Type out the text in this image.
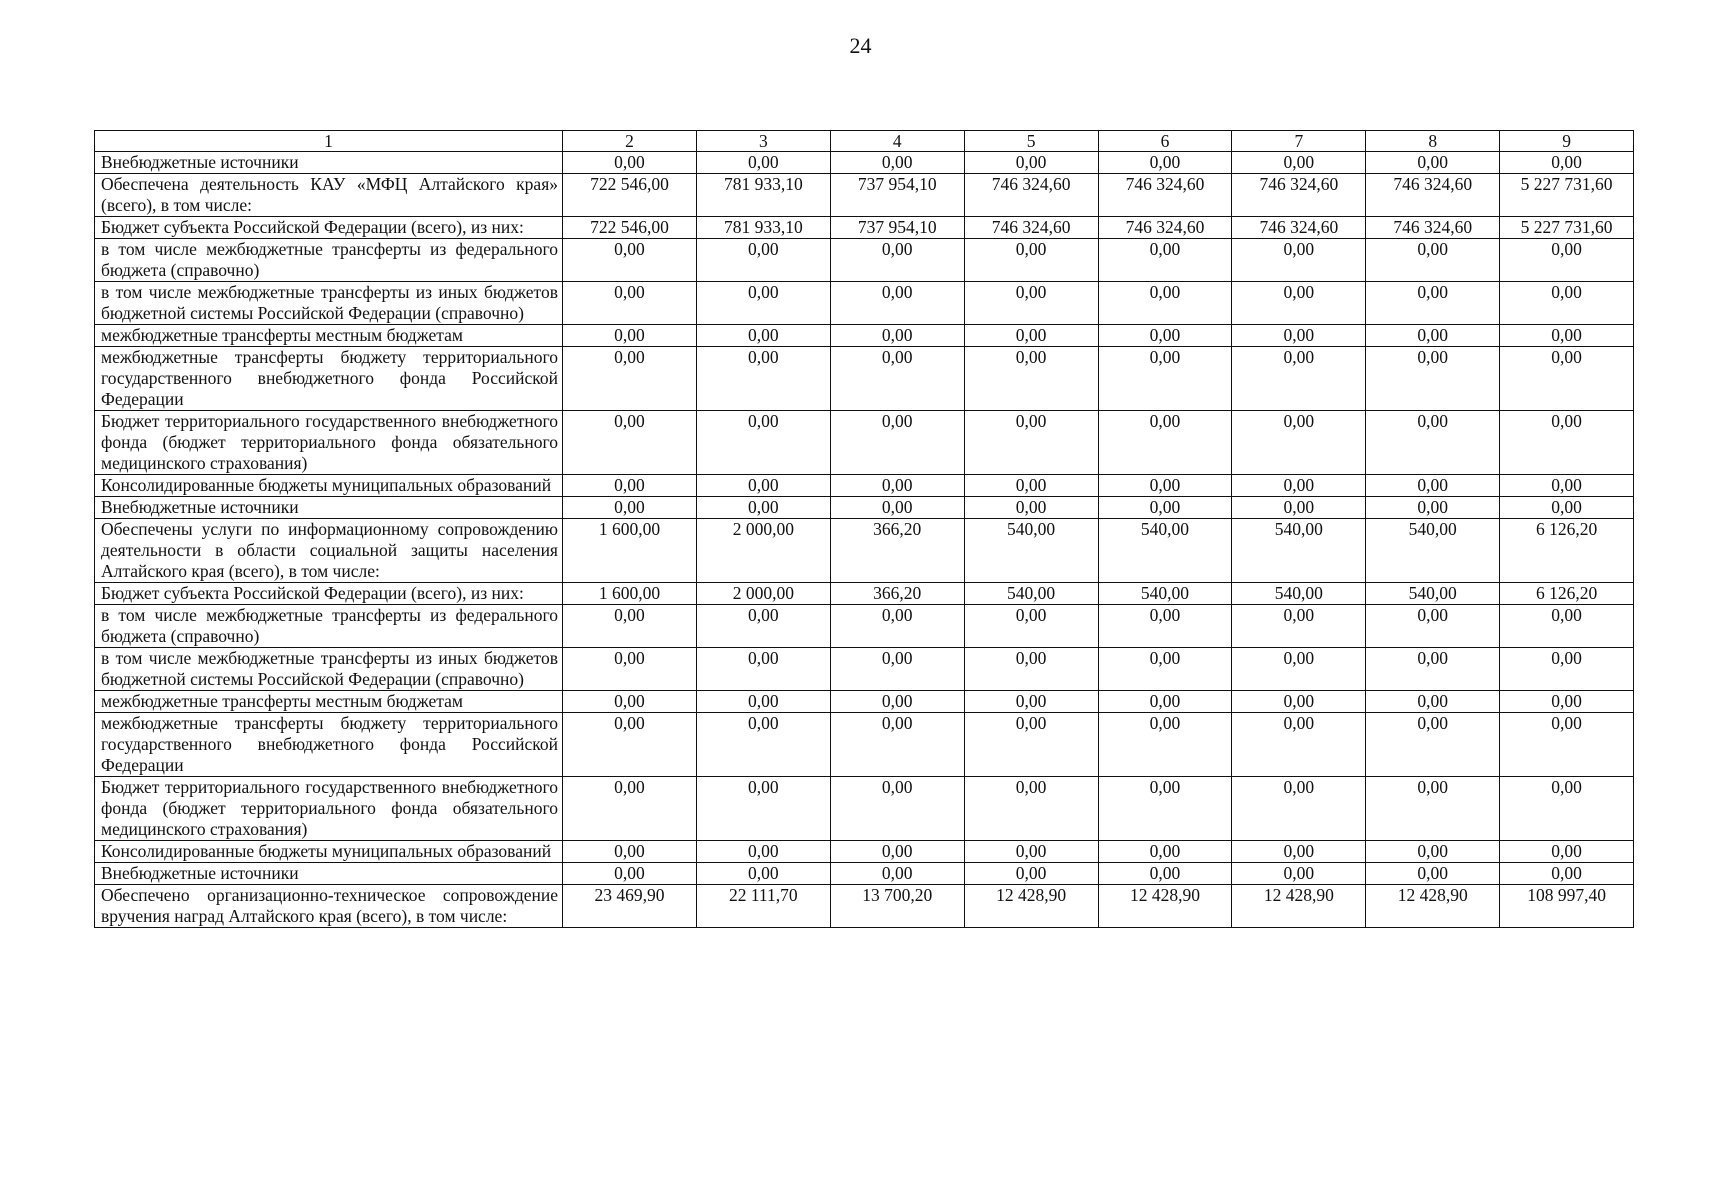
24
1	2	3	4	5	6	7	8	9
Внебюджетные источники	0,00	0,00	0,00	0,00	0,00	0,00	0,00	0,00
Обеспечена деятельность КАУ «МФЦ Алтайского края» (всего), в том числе:	722 546,00	781 933,10	737 954,10	746 324,60	746 324,60	746 324,60	746 324,60	5 227 731,60
Бюджет субъекта Российской Федерации (всего), из них:	722 546,00	781 933,10	737 954,10	746 324,60	746 324,60	746 324,60	746 324,60	5 227 731,60
в том числе межбюджетные трансферты из федерального бюджета (справочно)	0,00	0,00	0,00	0,00	0,00	0,00	0,00	0,00
в том числе межбюджетные трансферты из иных бюджетов бюджетной системы Российской Федерации (справочно)	0,00	0,00	0,00	0,00	0,00	0,00	0,00	0,00
межбюджетные трансферты местным бюджетам	0,00	0,00	0,00	0,00	0,00	0,00	0,00	0,00
межбюджетные трансферты бюджету территориального государственного внебюджетного фонда Российской Федерации	0,00	0,00	0,00	0,00	0,00	0,00	0,00	0,00
Бюджет территориального государственного внебюджетного фонда (бюджет территориального фонда обязательного медицинского страхования)	0,00	0,00	0,00	0,00	0,00	0,00	0,00	0,00
Консолидированные бюджеты муниципальных образований	0,00	0,00	0,00	0,00	0,00	0,00	0,00	0,00
Внебюджетные источники	0,00	0,00	0,00	0,00	0,00	0,00	0,00	0,00
Обеспечены услуги по информационному сопровождению деятельности в области социальной защиты населения Алтайского края (всего), в том числе:	1 600,00	2 000,00	366,20	540,00	540,00	540,00	540,00	6 126,20
Бюджет субъекта Российской Федерации (всего), из них:	1 600,00	2 000,00	366,20	540,00	540,00	540,00	540,00	6 126,20
в том числе межбюджетные трансферты из федерального бюджета (справочно)	0,00	0,00	0,00	0,00	0,00	0,00	0,00	0,00
в том числе межбюджетные трансферты из иных бюджетов бюджетной системы Российской Федерации (справочно)	0,00	0,00	0,00	0,00	0,00	0,00	0,00	0,00
межбюджетные трансферты местным бюджетам	0,00	0,00	0,00	0,00	0,00	0,00	0,00	0,00
межбюджетные трансферты бюджету территориального государственного внебюджетного фонда Российской Федерации	0,00	0,00	0,00	0,00	0,00	0,00	0,00	0,00
Бюджет территориального государственного внебюджетного фонда (бюджет территориального фонда обязательного медицинского страхования)	0,00	0,00	0,00	0,00	0,00	0,00	0,00	0,00
Консолидированные бюджеты муниципальных образований	0,00	0,00	0,00	0,00	0,00	0,00	0,00	0,00
Внебюджетные источники	0,00	0,00	0,00	0,00	0,00	0,00	0,00	0,00
Обеспечено организационно-техническое сопровождение вручения наград Алтайского края (всего), в том числе:	23 469,90	22 111,70	13 700,20	12 428,90	12 428,90	12 428,90	12 428,90	108 997,40
